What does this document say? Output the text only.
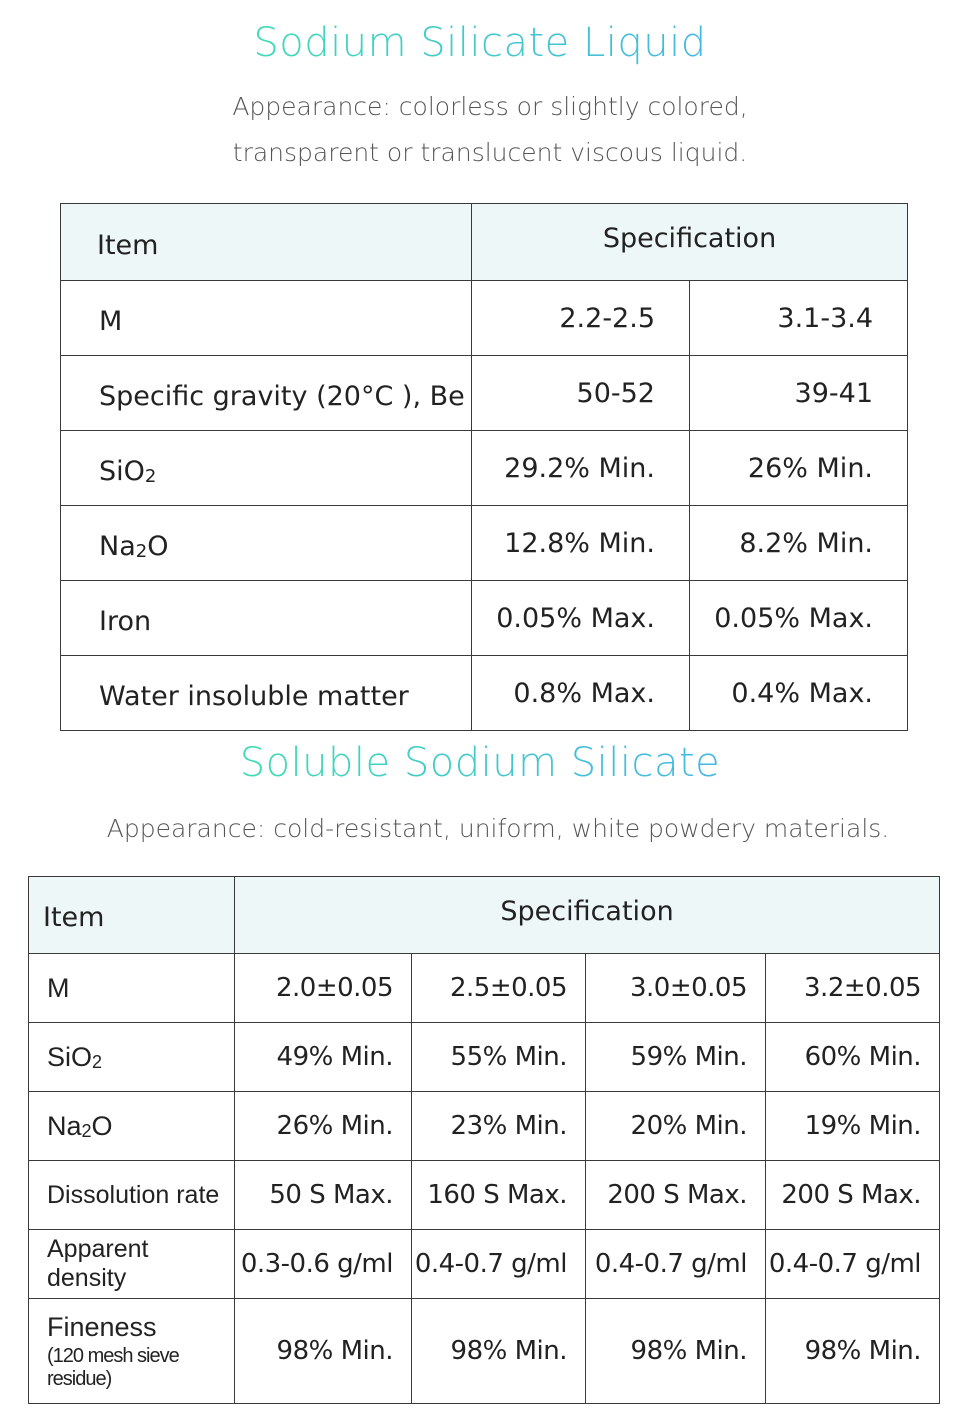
Sodium Silicate Liquid
Appearance: colorless or slightly colored,
transparent or translucent viscous liquid.
Item	Specification	
M	2.2-2.5	3.1-3.4
Specific gravity (20°C ), Be	50-52	39-41
SiO2	29.2% Min.	26% Min.
Na2O	12.8% Min.	8.2% Min.
Iron	0.05% Max.	0.05% Max.
Water insoluble matter	0.8% Max.	0.4% Max.
Soluble Sodium Silicate
Appearance: cold-resistant, uniform, white powdery materials.
Item	Specification			
M	2.0±0.05	2.5±0.05	3.0±0.05	3.2±0.05
SiO2	49% Min.	55% Min.	59% Min.	60% Min.
Na2O	26% Min.	23% Min.	20% Min.	19% Min.
Dissolution rate	50 S Max.	160 S Max.	200 S Max.	200 S Max.
Apparent density	0.3-0.6 g/ml	0.4-0.7 g/ml	0.4-0.7 g/ml	0.4-0.7 g/ml
Fineness
(120 mesh sieve residue)	98% Min.	98% Min.	98% Min.	98% Min.
